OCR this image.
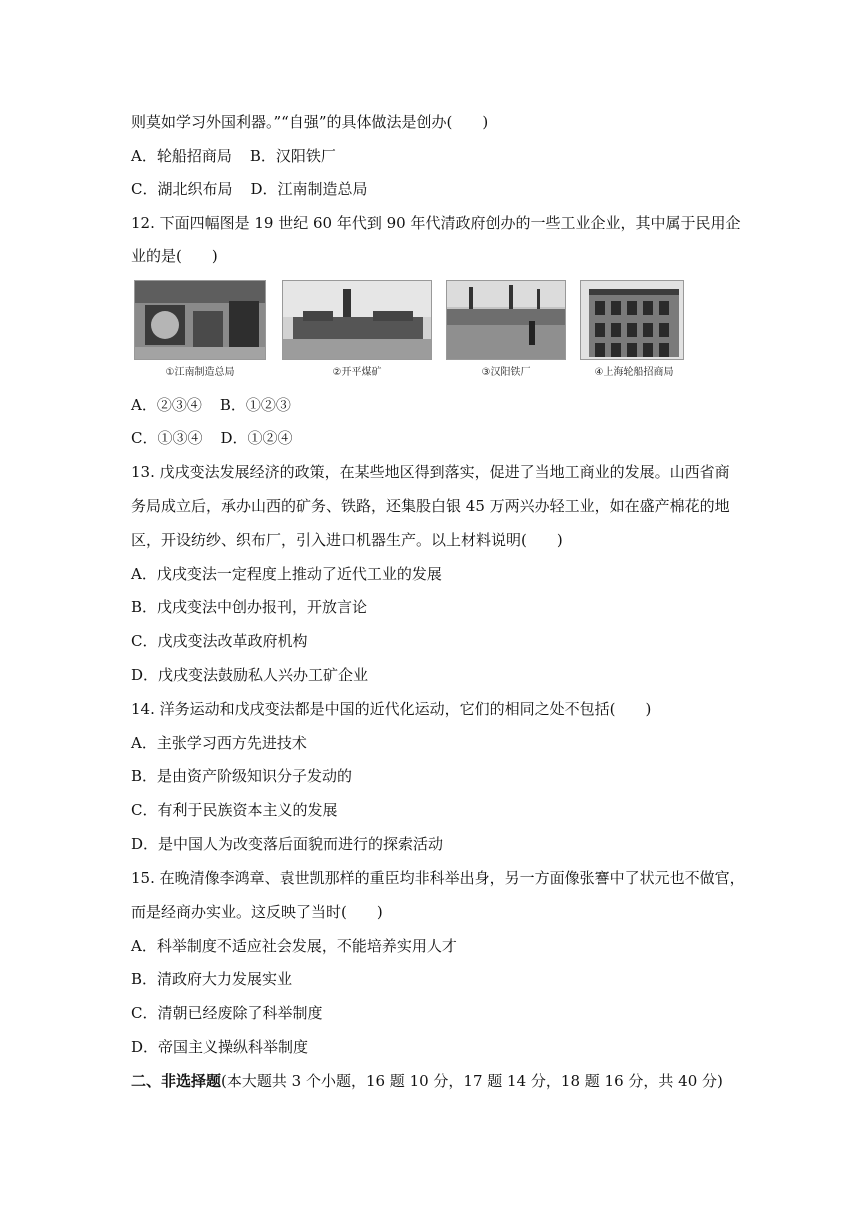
则莫如学习外国利器。”“自强”的具体做法是创办(　　)
A．轮船招商局 B．汉阳铁厂
C．湖北织布局 D．江南制造总局
12. 下面四幅图是 19 世纪 60 年代到 90 年代清政府创办的一些工业企业，其中属于民用企
业的是(　　)
①江南制造总局	②开平煤矿	③汉阳铁厂	④上海轮船招商局
A．②③④ B．①②③
C．①③④ D．①②④
13. 戊戌变法发展经济的政策，在某些地区得到落实，促进了当地工商业的发展。山西省商
务局成立后，承办山西的矿务、铁路，还集股白银 45 万两兴办轻工业，如在盛产棉花的地
区，开设纺纱、织布厂，引入进口机器生产。以上材料说明(　　)
A．戊戌变法一定程度上推动了近代工业的发展
B．戊戌变法中创办报刊，开放言论
C．戊戌变法改革政府机构
D．戊戌变法鼓励私人兴办工矿企业
14. 洋务运动和戊戌变法都是中国的近代化运动，它们的相同之处不包括(　　)
A．主张学习西方先进技术
B．是由资产阶级知识分子发动的
C．有利于民族资本主义的发展
D．是中国人为改变落后面貌而进行的探索活动
15. 在晚清像李鸿章、袁世凯那样的重臣均非科举出身，另一方面像张謇中了状元也不做官，
而是经商办实业。这反映了当时(　　)
A．科举制度不适应社会发展，不能培养实用人才
B．清政府大力发展实业
C．清朝已经废除了科举制度
D．帝国主义操纵科举制度
二、非选择题(本大题共 3 个小题，16 题 10 分，17 题 14 分，18 题 16 分，共 40 分)
